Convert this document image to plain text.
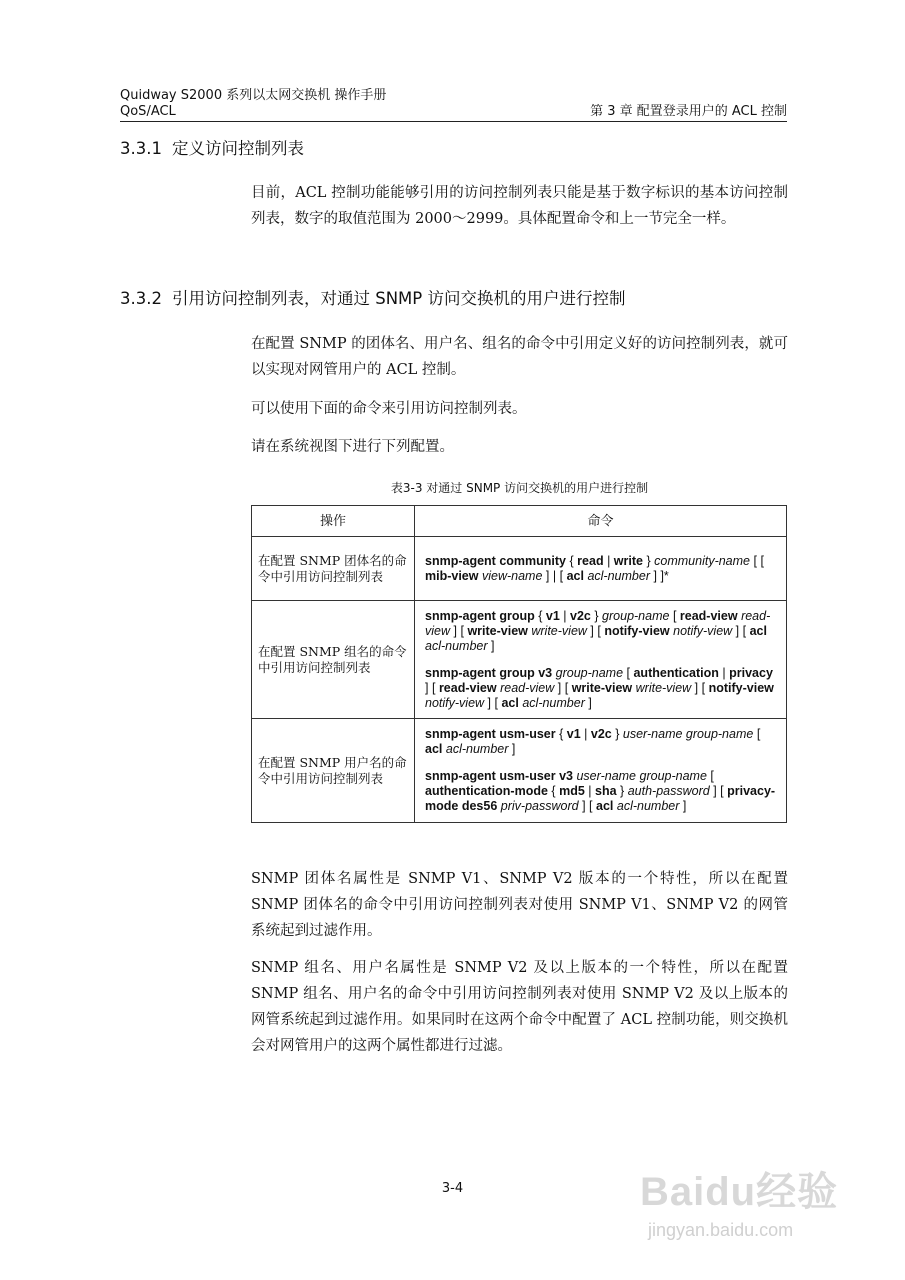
Quidway S2000 系列以太网交换机 操作手册
QoS/ACL	第 3 章 配置登录用户的 ACL 控制
3.3.1 定义访问控制列表
目前，ACL 控制功能能够引用的访问控制列表只能是基于数字标识的基本访问控制列表，数字的取值范围为 2000～2999。具体配置命令和上一节完全一样。
3.3.2 引用访问控制列表，对通过 SNMP 访问交换机的用户进行控制
在配置 SNMP 的团体名、用户名、组名的命令中引用定义好的访问控制列表，就可以实现对网管用户的 ACL 控制。
可以使用下面的命令来引用访问控制列表。
请在系统视图下进行下列配置。
表3-3 对通过 SNMP 访问交换机的用户进行控制
操作	命令
在配置 SNMP 团体名的命令中引用访问控制列表	snmp-agent community { read | write } community-name [ [ mib-view view-name ] | [ acl acl-number ] ]*

在配置 SNMP 组名的命令中引用访问控制列表	snmp-agent group { v1 | v2c } group-name [ read-view read-view ] [ write-view write-view ] [ notify-view notify-view ] [ acl acl-number ]
snmp-agent group v3 group-name [ authentication | privacy ] [ read-view read-view ] [ write-view write-view ] [ notify-view notify-view ] [ acl acl-number ]

在配置 SNMP 用户名的命令中引用访问控制列表	snmp-agent usm-user { v1 | v2c } user-name group-name [ acl acl-number ]
snmp-agent usm-user v3 user-name group-name [ authentication-mode { md5 | sha } auth-password ] [ privacy-mode des56 priv-password ] [ acl acl-number ]
SNMP 团体名属性是 SNMP V1、SNMP V2 版本的一个特性，所以在配置 SNMP 团体名的命令中引用访问控制列表对使用 SNMP V1、SNMP V2 的网管系统起到过滤作用。
SNMP 组名、用户名属性是 SNMP V2 及以上版本的一个特性，所以在配置 SNMP 组名、用户名的命令中引用访问控制列表对使用 SNMP V2 及以上版本的网管系统起到过滤作用。如果同时在这两个命令中配置了 ACL 控制功能，则交换机会对网管用户的这两个属性都进行过滤。
3-4	Baidu经验
jingyan.baidu.com
